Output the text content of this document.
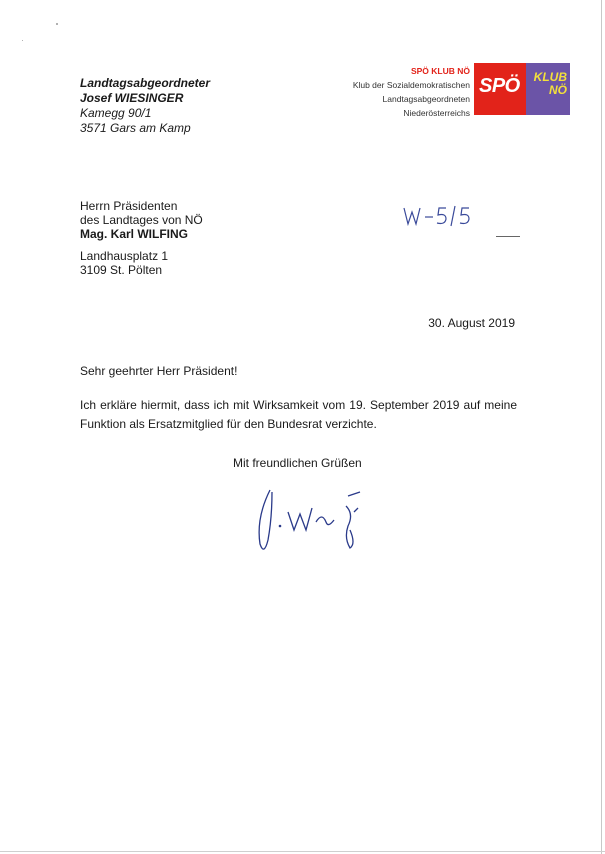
Landtagsabgeordneter
Josef WIESINGER
Kamegg 90/1
3571 Gars am Kamp
SPÖ KLUB NÖ
Klub der Sozialdemokratischen
Landtagsabgeordneten
Niederösterreichs
SPÖ	KLUB
NÖ
Herrn Präsidenten
des Landtages von NÖ
Mag. Karl WILFING
Landhausplatz 1
3109 St. Pölten
30. August 2019
Sehr geehrter Herr Präsident!
Ich erkläre hiermit, dass ich mit Wirksamkeit vom 19. September 2019 auf meine
Funktion als Ersatzmitglied für den Bundesrat verzichte.
Mit freundlichen Grüßen
